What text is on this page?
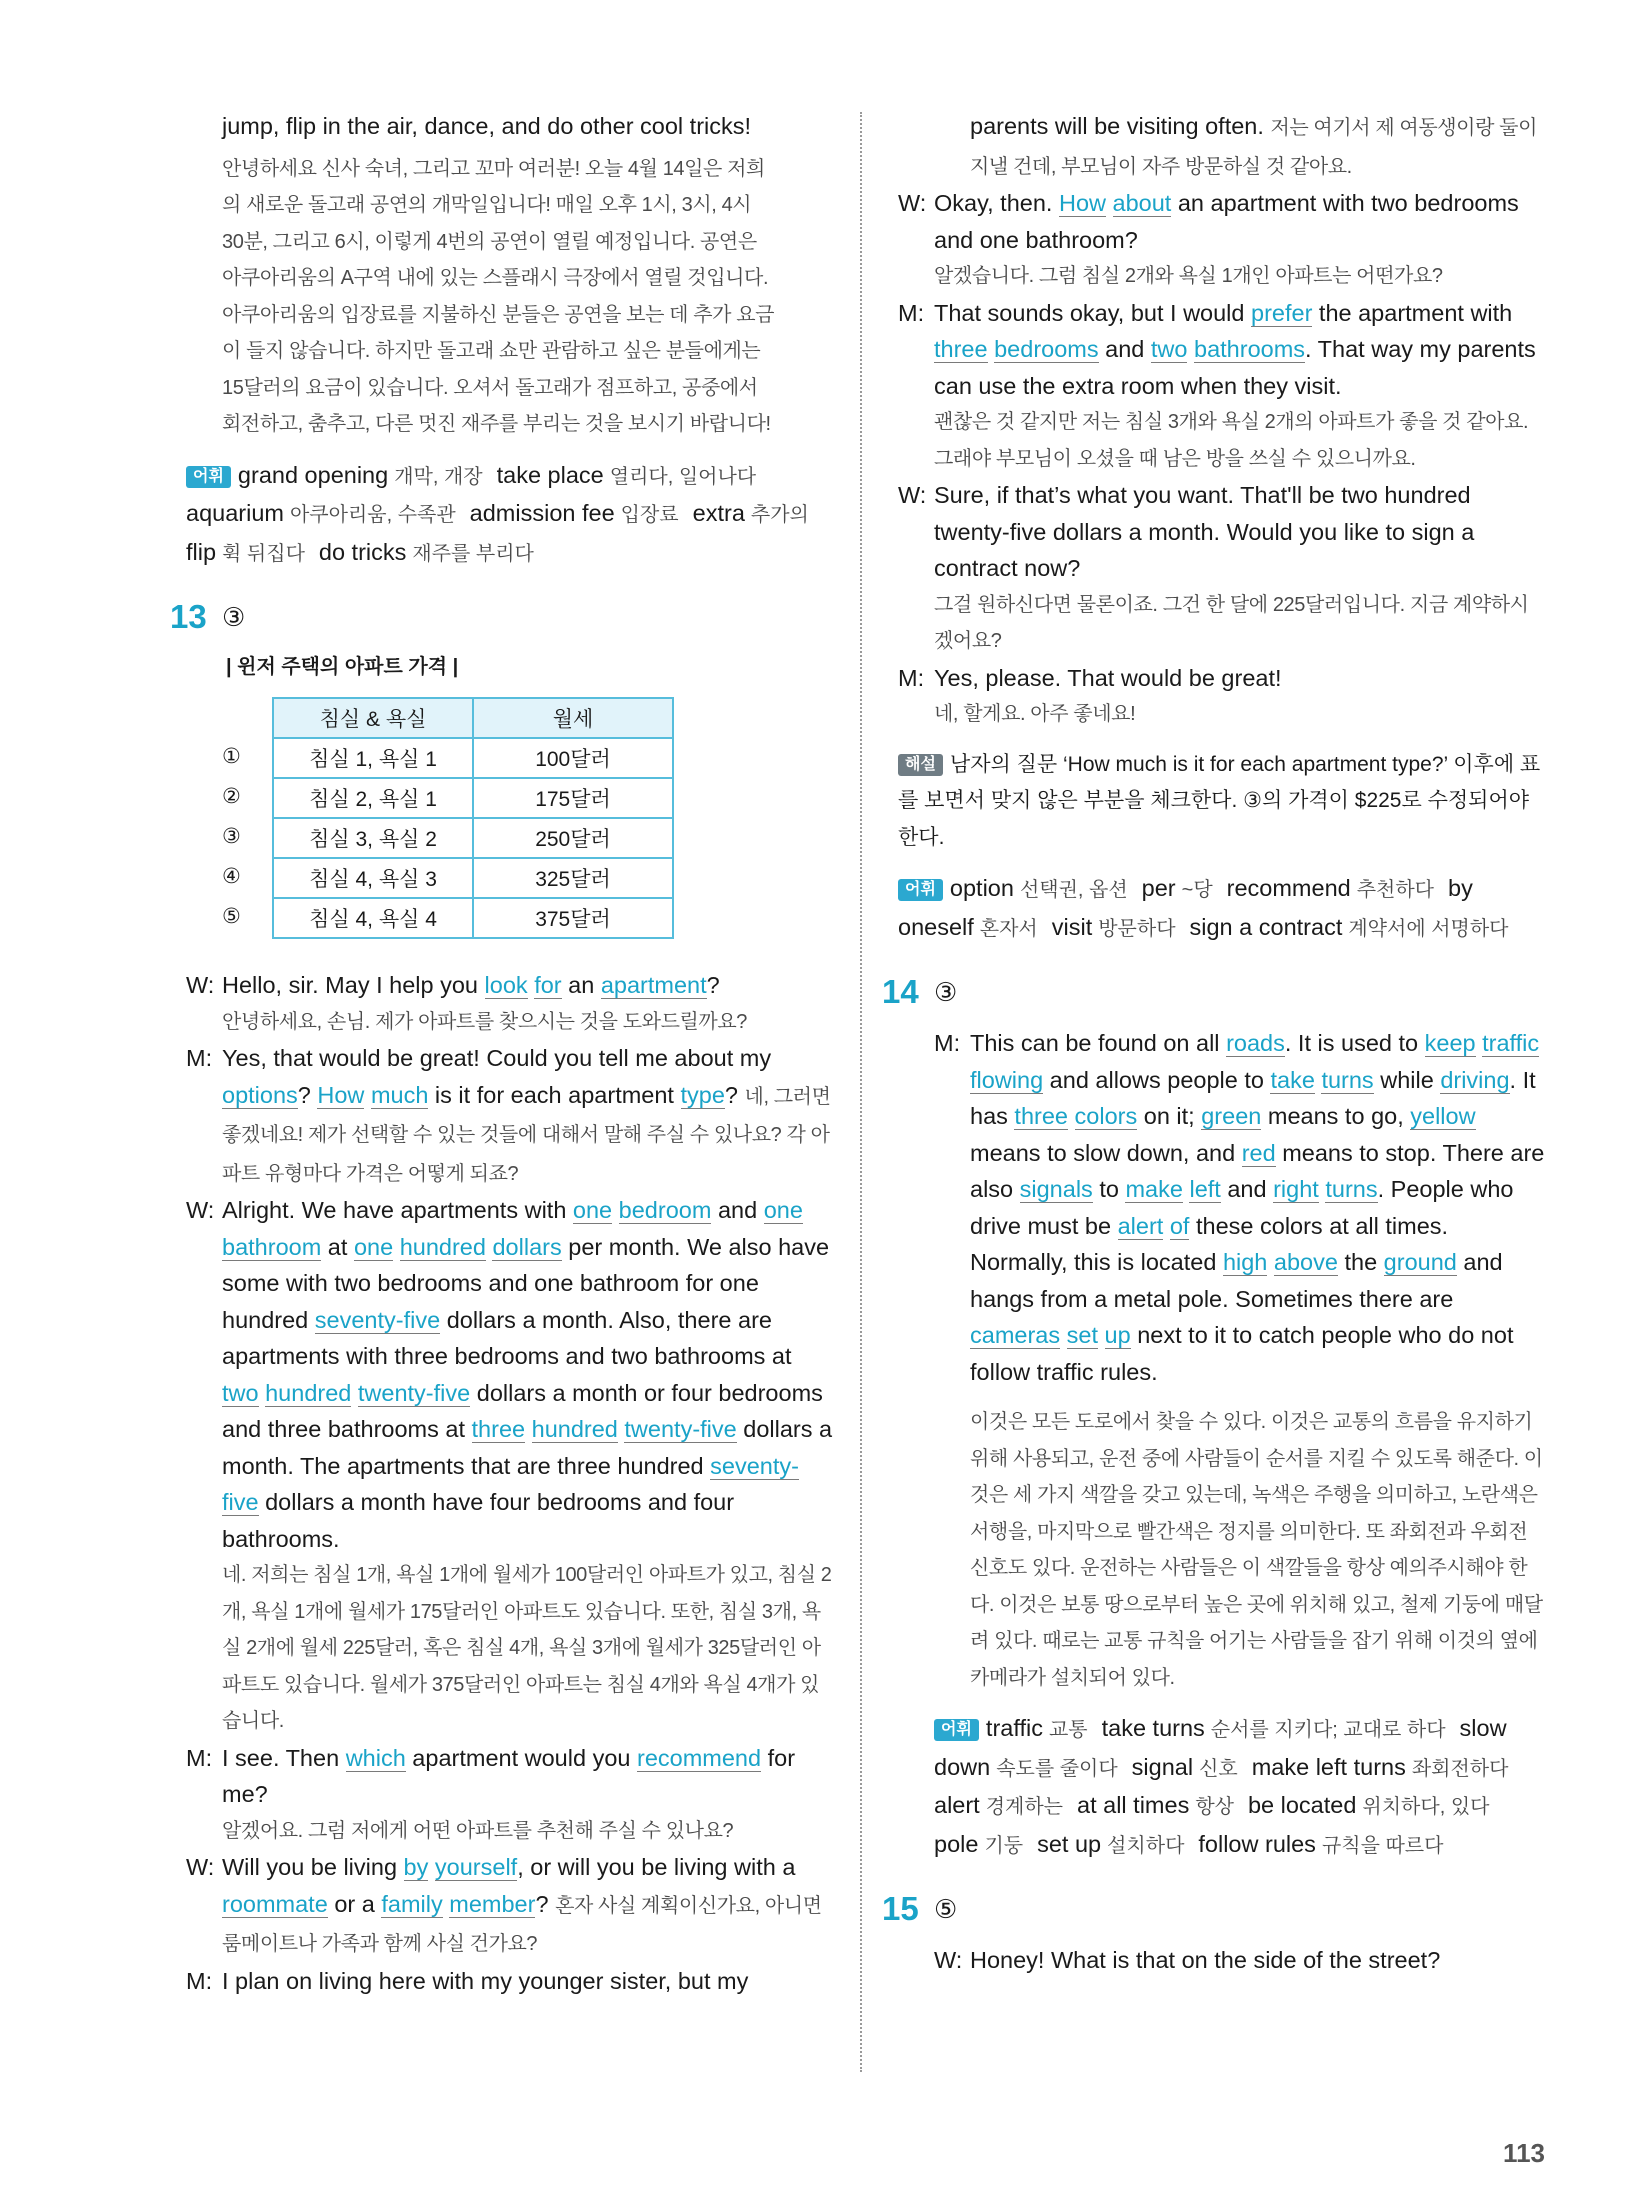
jump, flip in the air, dance, and do other cool tricks!

안녕하세요 신사 숙녀, 그리고 꼬마 여러분! 오늘 4월 14일은 저희

의 새로운 돌고래 공연의 개막일입니다! 매일 오후 1시, 3시, 4시

30분, 그리고 6시, 이렇게 4번의 공연이 열릴 예정입니다. 공연은

아쿠아리움의 A구역 내에 있는 스플래시 극장에서 열릴 것입니다.

아쿠아리움의 입장료를 지불하신 분들은 공연을 보는 데 추가 요금

이 들지 않습니다. 하지만 돌고래 쇼만 관람하고 싶은 분들에게는

15달러의 요금이 있습니다. 오셔서 돌고래가 점프하고, 공중에서

회전하고, 춤추고, 다른 멋진 재주를 부리는 것을 보시기 바랍니다!

어휘 grand opening 개막, 개장 take place 열리다, 일어나다aquarium 아쿠아리움, 수족관 admission fee 입장료 extra 추가의flip 휙 뒤집다 do tricks 재주를 부리다

13 ③
| 윈저 주택의 아파트 가격 |
	침실 & 욕실	월세

①	침실 1, 욕실 1	100달러

②	침실 2, 욕실 1	175달러

③	침실 3, 욕실 2	250달러

④	침실 4, 욕실 3	325달러

⑤	침실 4, 욕실 4	375달러
W: Hello, sir. May I help you look for an apartment?

안녕하세요, 손님. 제가 아파트를 찾으시는 것을 도와드릴까요?

M: Yes, that would be great! Could you tell me about my options? How much is it for each apartment type? 네, 그러면 좋겠네요! 제가 선택할 수 있는 것들에 대해서 말해 주실 수 있나요? 각 아파트 유형마다 가격은 어떻게 되죠?

W: Alright. We have apartments with one bedroom and one bathroom at one hundred dollars per month. We also have some with two bedrooms and one bathroom for one hundred seventy-five dollars a month. Also, there are apartments with three bedrooms and two bathrooms at two hundred twenty-five dollars a month or four bedrooms and three bathrooms at three hundred twenty-five dollars a month. The apartments that are three hundred seventy-five dollars a month have four bedrooms and four bathrooms.

네. 저희는 침실 1개, 욕실 1개에 월세가 100달러인 아파트가 있고, 침실 2개, 욕실 1개에 월세가 175달러인 아파트도 있습니다. 또한, 침실 3개, 욕실 2개에 월세 225달러, 혹은 침실 4개, 욕실 3개에 월세가 325달러인 아파트도 있습니다. 월세가 375달러인 아파트는 침실 4개와 욕실 4개가 있습니다.

M: I see. Then which apartment would you recommend for me?

알겠어요. 그럼 저에게 어떤 아파트를 추천해 주실 수 있나요?

W: Will you be living by yourself, or will you be living with a roommate or a family member? 혼자 사실 계획이신가요, 아니면 룸메이트나 가족과 함께 사실 건가요?

M: I plan on living here with my younger sister, but my

parents will be visiting often. 저는 여기서 제 여동생이랑 둘이 지낼 건데, 부모님이 자주 방문하실 것 같아요.

W: Okay, then. How about an apartment with two bedrooms and one bathroom?

알겠습니다. 그럼 침실 2개와 욕실 1개인 아파트는 어떤가요?

M: That sounds okay, but I would prefer the apartment with three bedrooms and two bathrooms. That way my parents can use the extra room when they visit.

괜찮은 것 같지만 저는 침실 3개와 욕실 2개의 아파트가 좋을 것 같아요. 그래야 부모님이 오셨을 때 남은 방을 쓰실 수 있으니까요.

W: Sure, if that’s what you want. That'll be two hundred twenty-five dollars a month. Would you like to sign a contract now?

그걸 원하신다면 물론이죠. 그건 한 달에 225달러입니다. 지금 계약하시겠어요?

M: Yes, please. That would be great!

네, 할게요. 아주 좋네요!

해설 남자의 질문 ‘How much is it for each apartment type?’ 이후에 표를 보면서 맞지 않은 부분을 체크한다. ③의 가격이 $225로 수정되어야 한다.

어휘 option 선택권, 옵션 per ~당 recommend 추천하다 by oneself 혼자서 visit 방문하다 sign a contract 계약서에 서명하다

14 ③
M: This can be found on all roads. It is used to keep traffic flowing and allows people to take turns while driving. It has three colors on it; green means to go, yellow means to slow down, and red means to stop. There are also signals to make left and right turns. People who drive must be alert of these colors at all times. Normally, this is located high above the ground and hangs from a metal pole. Sometimes there are cameras set up next to it to catch people who do not follow traffic rules.

이것은 모든 도로에서 찾을 수 있다. 이것은 교통의 흐름을 유지하기 위해 사용되고, 운전 중에 사람들이 순서를 지킬 수 있도록 해준다. 이것은 세 가지 색깔을 갖고 있는데, 녹색은 주행을 의미하고, 노란색은 서행을, 마지막으로 빨간색은 정지를 의미한다. 또 좌회전과 우회전 신호도 있다. 운전하는 사람들은 이 색깔들을 항상 예의주시해야 한다. 이것은 보통 땅으로부터 높은 곳에 위치해 있고, 철제 기둥에 매달려 있다. 때로는 교통 규칙을 어기는 사람들을 잡기 위해 이것의 옆에 카메라가 설치되어 있다.

어휘 traffic 교통 take turns 순서를 지키다; 교대로 하다 slow down 속도를 줄이다 signal 신호 make left turns 좌회전하다alert 경계하는 at all times 항상 be located 위치하다, 있다pole 기둥 set up 설치하다 follow rules 규칙을 따르다

15 ⑤
W: Honey! What is that on the side of the street?

113
